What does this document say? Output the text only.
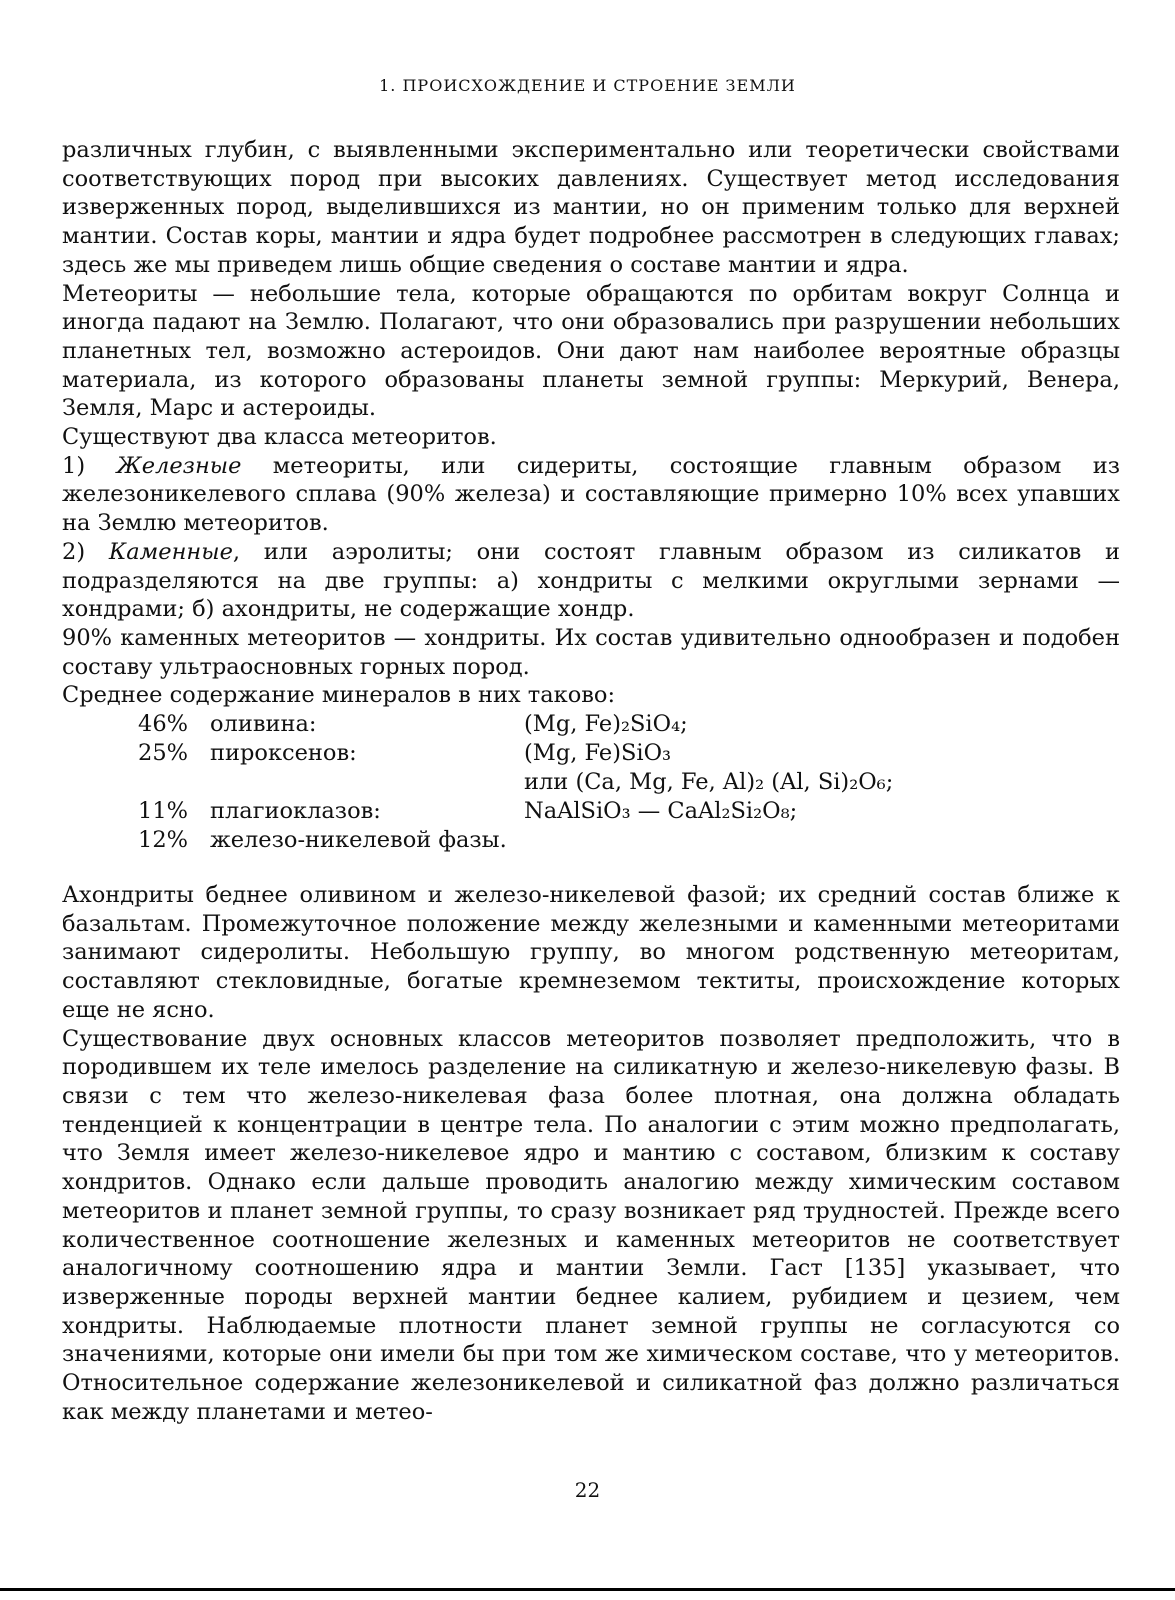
1. ПРОИСХОЖДЕНИЕ И СТРОЕНИЕ ЗЕМЛИ

различных глубин, с выявленными экспериментально или теоретически свойствами соответствующих пород при высоких давлениях. Существует метод исследования изверженных пород, выделившихся из мантии, но он применим только для верхней мантии. Состав коры, мантии и ядра будет подробнее рассмотрен в следующих главах; здесь же мы приведем лишь общие сведения о составе мантии и ядра.

Метеориты — небольшие тела, которые обращаются по орбитам вокруг Солнца и иногда падают на Землю. Полагают, что они образовались при разрушении небольших планетных тел, возможно астероидов. Они дают нам наиболее вероятные образцы материала, из которого образованы планеты земной группы: Меркурий, Венера, Земля, Марс и астероиды.

Существуют два класса метеоритов.

1) Железные метеориты, или сидериты, состоящие главным образом из железоникелевого сплава (90% железа) и составляющие примерно 10% всех упавших на Землю метеоритов.

2) Каменные, или аэролиты; они состоят главным образом из силикатов и подразделяются на две группы: а) хондриты с мелкими округлыми зернами — хондрами; б) ахондриты, не содержащие хондр.

90% каменных метеоритов — хондриты. Их состав удивительно однообразен и подобен составу ультраосновных горных пород.

Среднее содержание минералов в них таково:

46% оливина:	(Mg, Fe)₂SiO₄;
25% пироксенов:	(Mg, Fe)SiO₃
или (Ca, Mg, Fe, Al)₂ (Al, Si)₂O₆;
11% плагиоклазов:	NaAlSiO₃ — CaAl₂Si₂O₈;
12% железо-никелевой фазы.

Ахондриты беднее оливином и железо-никелевой фазой; их средний состав ближе к базальтам. Промежуточное положение между железными и каменными метеоритами занимают сидеролиты. Небольшую группу, во многом родственную метеоритам, составляют стекловидные, богатые кремнеземом тектиты, происхождение которых еще не ясно.

Существование двух основных классов метеоритов позволяет предположить, что в породившем их теле имелось разделение на силикатную и железо-никелевую фазы. В связи с тем что железо-никелевая фаза более плотная, она должна обладать тенденцией к концентрации в центре тела. По аналогии с этим можно предполагать, что Земля имеет железо-никелевое ядро и мантию с составом, близким к составу хондритов. Однако если дальше проводить аналогию между химическим составом метеоритов и планет земной группы, то сразу возникает ряд трудностей. Прежде всего количественное соотношение железных и каменных метеоритов не соответствует аналогичному соотношению ядра и мантии Земли. Гаст [135] указывает, что изверженные породы верхней мантии беднее калием, рубидием и цезием, чем хондриты. Наблюдаемые плотности планет земной группы не согласуются со значениями, которые они имели бы при том же химическом составе, что у метеоритов. Относительное содержание железоникелевой и силикатной фаз должно различаться как между планетами и метео-

22
